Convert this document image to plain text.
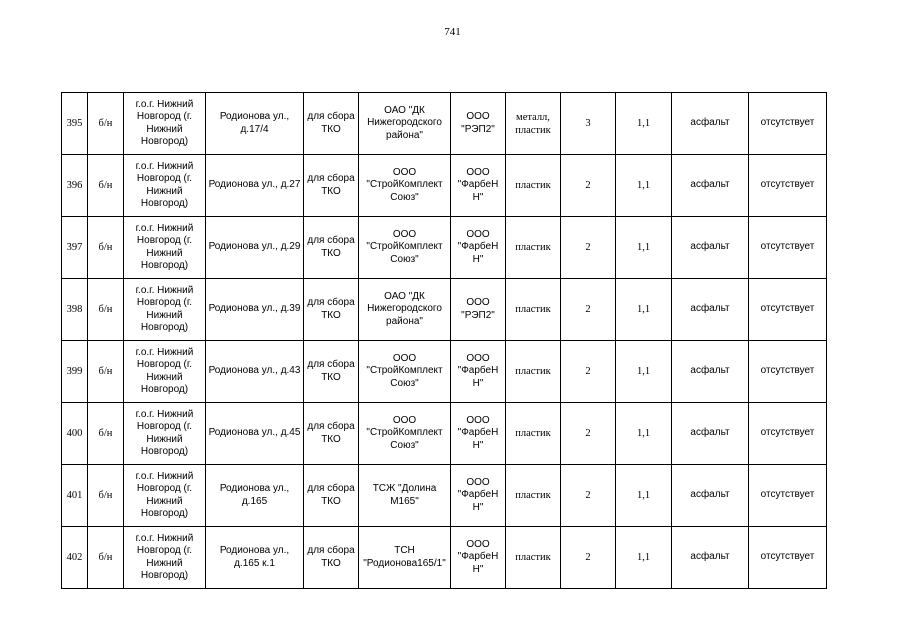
741
395	б/н	г.о.г. Нижний Новгород (г. Нижний Новгород)	Родионова ул., д.17/4	для сбора ТКО	ОАО "ДК Нижегородского района"	ООО "РЭП2"	металл, пластик	3	1,1	асфальт	отсутствует
396	б/н	г.о.г. Нижний Новгород (г. Нижний Новгород)	Родионова ул., д.27	для сбора ТКО	ООО "СтройКомплект Союз"	ООО "ФарбеН Н"	пластик	2	1,1	асфальт	отсутствует
397	б/н	г.о.г. Нижний Новгород (г. Нижний Новгород)	Родионова ул., д.29	для сбора ТКО	ООО "СтройКомплект Союз"	ООО "ФарбеН Н"	пластик	2	1,1	асфальт	отсутствует
398	б/н	г.о.г. Нижний Новгород (г. Нижний Новгород)	Родионова ул., д.39	для сбора ТКО	ОАО "ДК Нижегородского района"	ООО "РЭП2"	пластик	2	1,1	асфальт	отсутствует
399	б/н	г.о.г. Нижний Новгород (г. Нижний Новгород)	Родионова ул., д.43	для сбора ТКО	ООО "СтройКомплект Союз"	ООО "ФарбеН Н"	пластик	2	1,1	асфальт	отсутствует
400	б/н	г.о.г. Нижний Новгород (г. Нижний Новгород)	Родионова ул., д.45	для сбора ТКО	ООО "СтройКомплект Союз"	ООО "ФарбеН Н"	пластик	2	1,1	асфальт	отсутствует
401	б/н	г.о.г. Нижний Новгород (г. Нижний Новгород)	Родионова ул., д.165	для сбора ТКО	ТСЖ "Долина М165"	ООО "ФарбеН Н"	пластик	2	1,1	асфальт	отсутствует
402	б/н	г.о.г. Нижний Новгород (г. Нижний Новгород)	Родионова ул., д.165 к.1	для сбора ТКО	ТСН "Родионова165/1"	ООО "ФарбеН Н"	пластик	2	1,1	асфальт	отсутствует
